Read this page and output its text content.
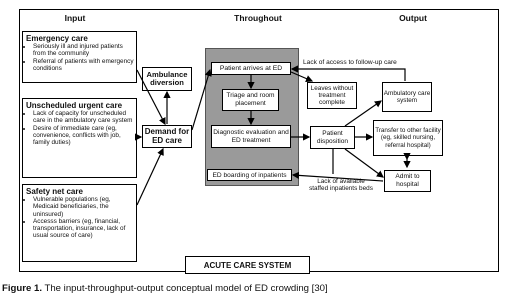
Input	Throughout	Output
Emergency care
• Seriously ill and injured patients from the community
• Referral of patients with emergency conditions
Unscheduled urgent care
• Lack of capacity for unscheduled care in the ambulatory care system
• Desire of immediate care (eg, convenience, conflicts with job, family duties)
Safety net care
• Vulnerable populations (eg, Medicaid beneficiaries, the uninsured)
• Accesss barriers (eg, financial, transportation, insurance, lack of usual source of care)
Ambulance diversion
Demand for ED care
Patient arrives at ED
Triage and room placement
Diagnostic evaluation and ED treatment
ED boarding of inpatients
Lack of access to follow-up care
Lack of available staffed inpatients beds
Leaves without treatment complete
Patient disposition
Ambulatory care system
Transfer to other facility (eg, skilled nursing, referral hospital)
Admit to hospital
ACUTE CARE SYSTEM
Figure 1. The input-throughput-output conceptual model of ED crowding [30]
